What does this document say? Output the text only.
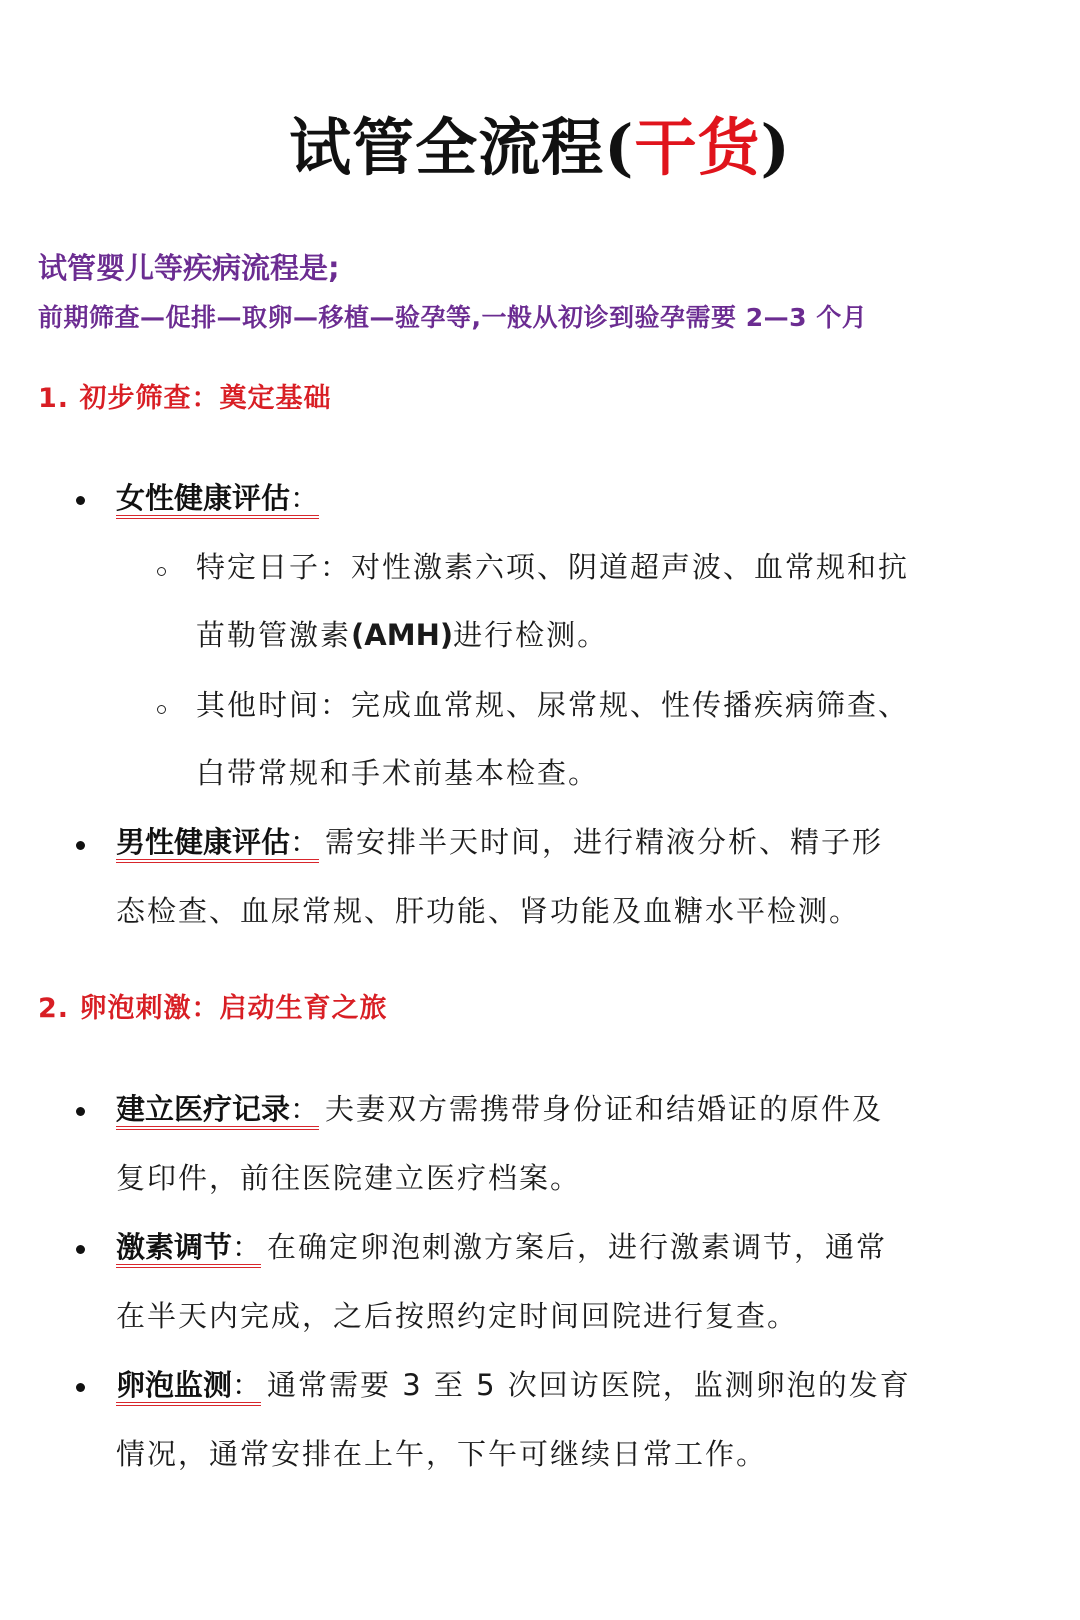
试管全流程(干货)
试管婴儿等疾病流程是;
前期筛查—促排—取卵—移植—验孕等,一般从初诊到验孕需要 2—3 个月
1. 初步筛查：奠定基础
女性健康评估：
特定日子：对性激素六项、阴道超声波、血常规和抗
苗勒管激素(AMH)进行检测。
其他时间：完成血常规、尿常规、性传播疾病筛查、
白带常规和手术前基本检查。
男性健康评估： 需安排半天时间，进行精液分析、精子形
态检查、血尿常规、肝功能、肾功能及血糖水平检测。
2. 卵泡刺激：启动生育之旅
建立医疗记录： 夫妻双方需携带身份证和结婚证的原件及
复印件，前往医院建立医疗档案。
激素调节： 在确定卵泡刺激方案后，进行激素调节，通常
在半天内完成，之后按照约定时间回院进行复查。
卵泡监测： 通常需要 3 至 5 次回访医院，监测卵泡的发育
情况，通常安排在上午，下午可继续日常工作。
